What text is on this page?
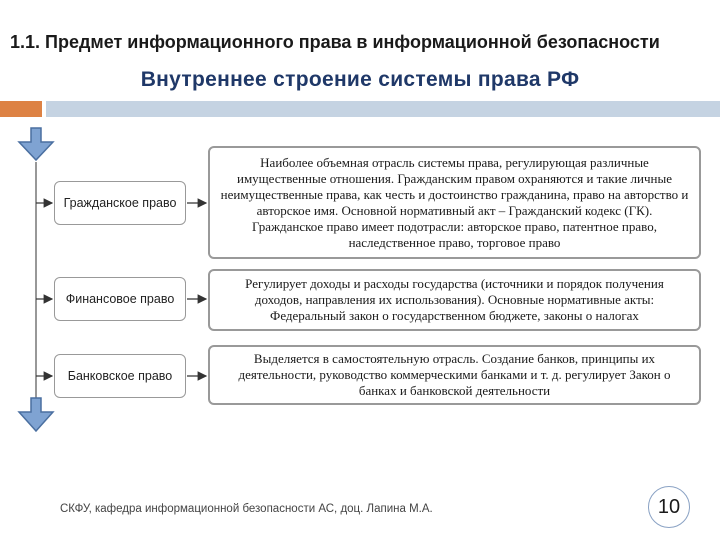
1.1. Предмет информационного права в информационной безопасности
Внутреннее строение системы права РФ
Гражданское право
Финансовое право
Банковское право
Наиболее объемная отрасль системы права, регулирующая различные имущественные отношения. Гражданским правом охраняются и такие личные неимущественные права, как честь и достоинство гражданина, право на авторство и авторское имя. Основной нормативный акт – Гражданский кодекс (ГК). Гражданское право имеет подотрасли: авторское право, патентное право, наследственное право, торговое право
Регулирует доходы и расходы государства (источники и порядок получения доходов, направления их использования). Основные нормативные акты: Федеральный закон о государственном бюджете, законы о налогах
Выделяется в самостоятельную отрасль. Создание банков, принципы их деятельности, руководство коммерческими банками и т. д. регулирует Закон о банках и банковской деятельности
СКФУ, кафедра информационной безопасности АС, доц. Лапина М.А.	10
